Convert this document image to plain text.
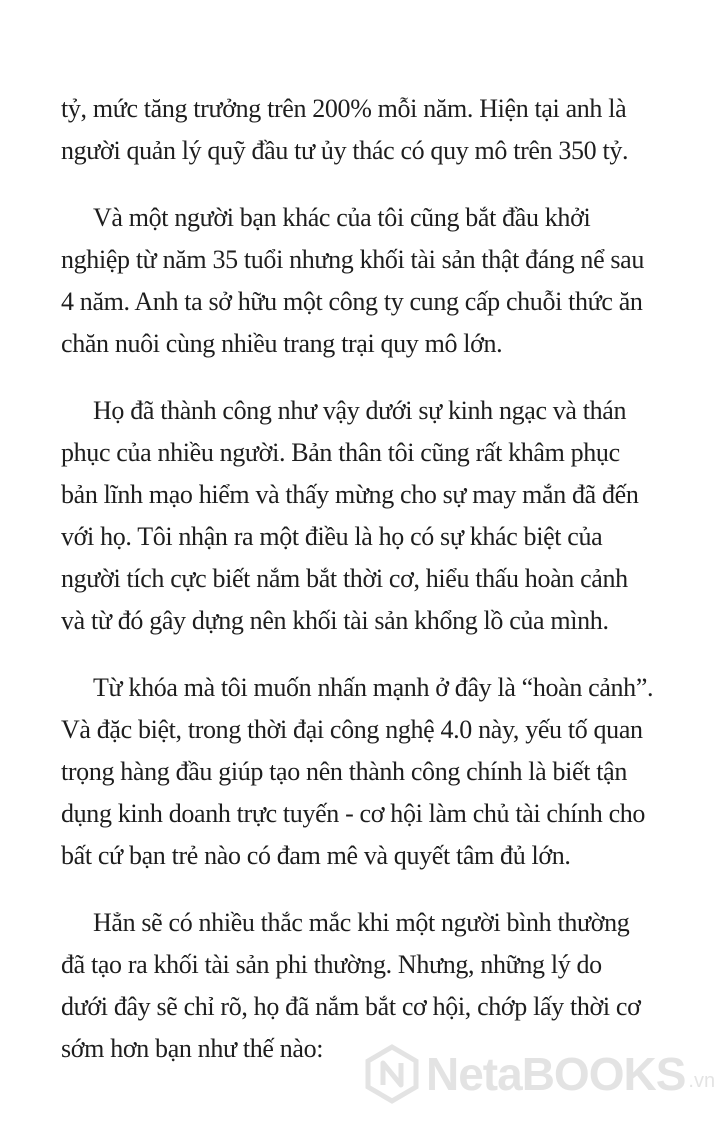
tỷ, mức tăng trưởng trên 200% mỗi năm. Hiện tại anh là
người quản lý quỹ đầu tư ủy thác có quy mô trên 350 tỷ.
Và một người bạn khác của tôi cũng bắt đầu khởi
nghiệp từ năm 35 tuổi nhưng khối tài sản thật đáng nể sau
4 năm. Anh ta sở hữu một công ty cung cấp chuỗi thức ăn
chăn nuôi cùng nhiều trang trại quy mô lớn.
Họ đã thành công như vậy dưới sự kinh ngạc và thán
phục của nhiều người. Bản thân tôi cũng rất khâm phục
bản lĩnh mạo hiểm và thấy mừng cho sự may mắn đã đến
với họ. Tôi nhận ra một điều là họ có sự khác biệt của
người tích cực biết nắm bắt thời cơ, hiểu thấu hoàn cảnh
và từ đó gây dựng nên khối tài sản khổng lồ của mình.
Từ khóa mà tôi muốn nhấn mạnh ở đây là “hoàn cảnh”.
Và đặc biệt, trong thời đại công nghệ 4.0 này, yếu tố quan
trọng hàng đầu giúp tạo nên thành công chính là biết tận
dụng kinh doanh trực tuyến - cơ hội làm chủ tài chính cho
bất cứ bạn trẻ nào có đam mê và quyết tâm đủ lớn.
Hẳn sẽ có nhiều thắc mắc khi một người bình thường
đã tạo ra khối tài sản phi thường. Nhưng, những lý do
dưới đây sẽ chỉ rõ, họ đã nắm bắt cơ hội, chớp lấy thời cơ
sớm hơn bạn như thế nào:	NetaBOOKS .vn
